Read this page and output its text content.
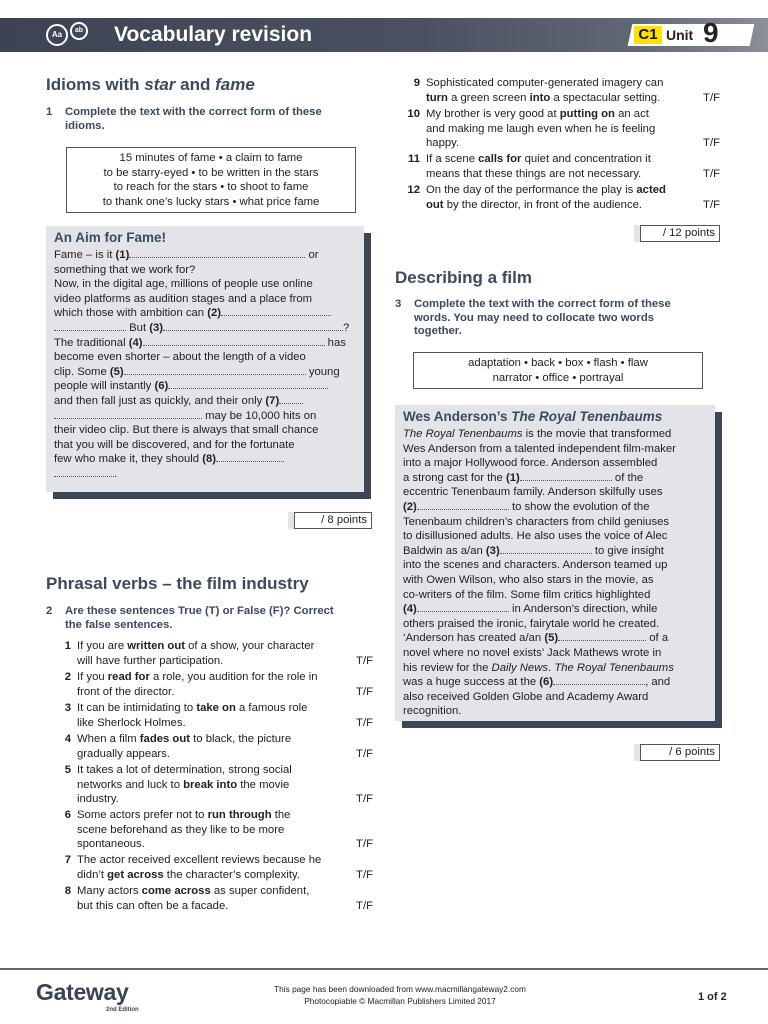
Aa	ab Vocabulary revision	C1 Unit 9
Idioms with star and fame
1 Complete the text with the correct form of these
idioms.
15 minutes of fame • a claim to fame
to be starry-eyed • to be written in the stars
to reach for the stars • to shoot to fame
to thank one’s lucky stars • what price fame
An Aim for Fame!
Fame – is it (1)	or
something that we work for?
Now, in the digital age, millions of people use online
video platforms as audition stages and a place from
which those with ambition can (2)
But (3)	?
The traditional (4)	has
become even shorter – about the length of a video
clip. Some (5)	young
people will instantly (6)
and then fall just as quickly, and their only (7)
may be 10,000 hits on
their video clip. But there is always that small chance
that you will be discovered, and for the fortunate
few who make it, they should (8)
.
/ 8 points
Phrasal verbs – the film industry
2 Are these sentences True (T) or False (F)? Correct
the false sentences.
1 If you are written out of a show, your character
will have further participation.	T/F
2 If you read for a role, you audition for the role in
front of the director.	T/F
3 It can be intimidating to take on a famous role
like Sherlock Holmes.	T/F
4 When a film fades out to black, the picture
gradually appears.	T/F
5 It takes a lot of determination, strong social
networks and luck to break into the movie
industry.	T/F
6 Some actors prefer not to run through the
scene beforehand as they like to be more
spontaneous.	T/F
7 The actor received excellent reviews because he
didn’t get across the character’s complexity.	T/F
8 Many actors come across as super confident,
but this can often be a facade.	T/F
9 Sophisticated computer-generated imagery can
turn a green screen into a spectacular setting.	T/F
10 My brother is very good at putting on an act
and making me laugh even when he is feeling
happy.	T/F
11 If a scene calls for quiet and concentration it
means that these things are not necessary.	T/F
12 On the day of the performance the play is acted
out by the director, in front of the audience.	T/F
/ 12 points
Describing a film
3 Complete the text with the correct form of these
words. You may need to collocate two words
together.
adaptation • back • box • flash • flaw
narrator • office • portrayal
Wes Anderson’s The Royal Tenenbaums
The Royal Tenenbaums is the movie that transformed
Wes Anderson from a talented independent film-maker
into a major Hollywood force. Anderson assembled
a strong cast for the (1)	of the
eccentric Tenenbaum family. Anderson skilfully uses
(2)	to show the evolution of the
Tenenbaum children’s characters from child geniuses
to disillusioned adults. He also uses the voice of Alec
Baldwin as a/an (3)	to give insight
into the scenes and characters. Anderson teamed up
with Owen Wilson, who also stars in the movie, as
co-writers of the film. Some film critics highlighted
(4)	in Anderson’s direction, while
others praised the ironic, fairytale world he created.
‘Anderson has created a/an (5)	of a
novel where no novel exists’ Jack Mathews wrote in
his review for the Daily News. The Royal Tenenbaums
was a huge success at the (6)	, and
also received Golden Globe and Academy Award
recognition.
/ 6 points
Gateway
2nd Edition
This page has been downloaded from www.macmillangateway2.com
Photocopiable © Macmillan Publishers Limited 2017	1 of 2
